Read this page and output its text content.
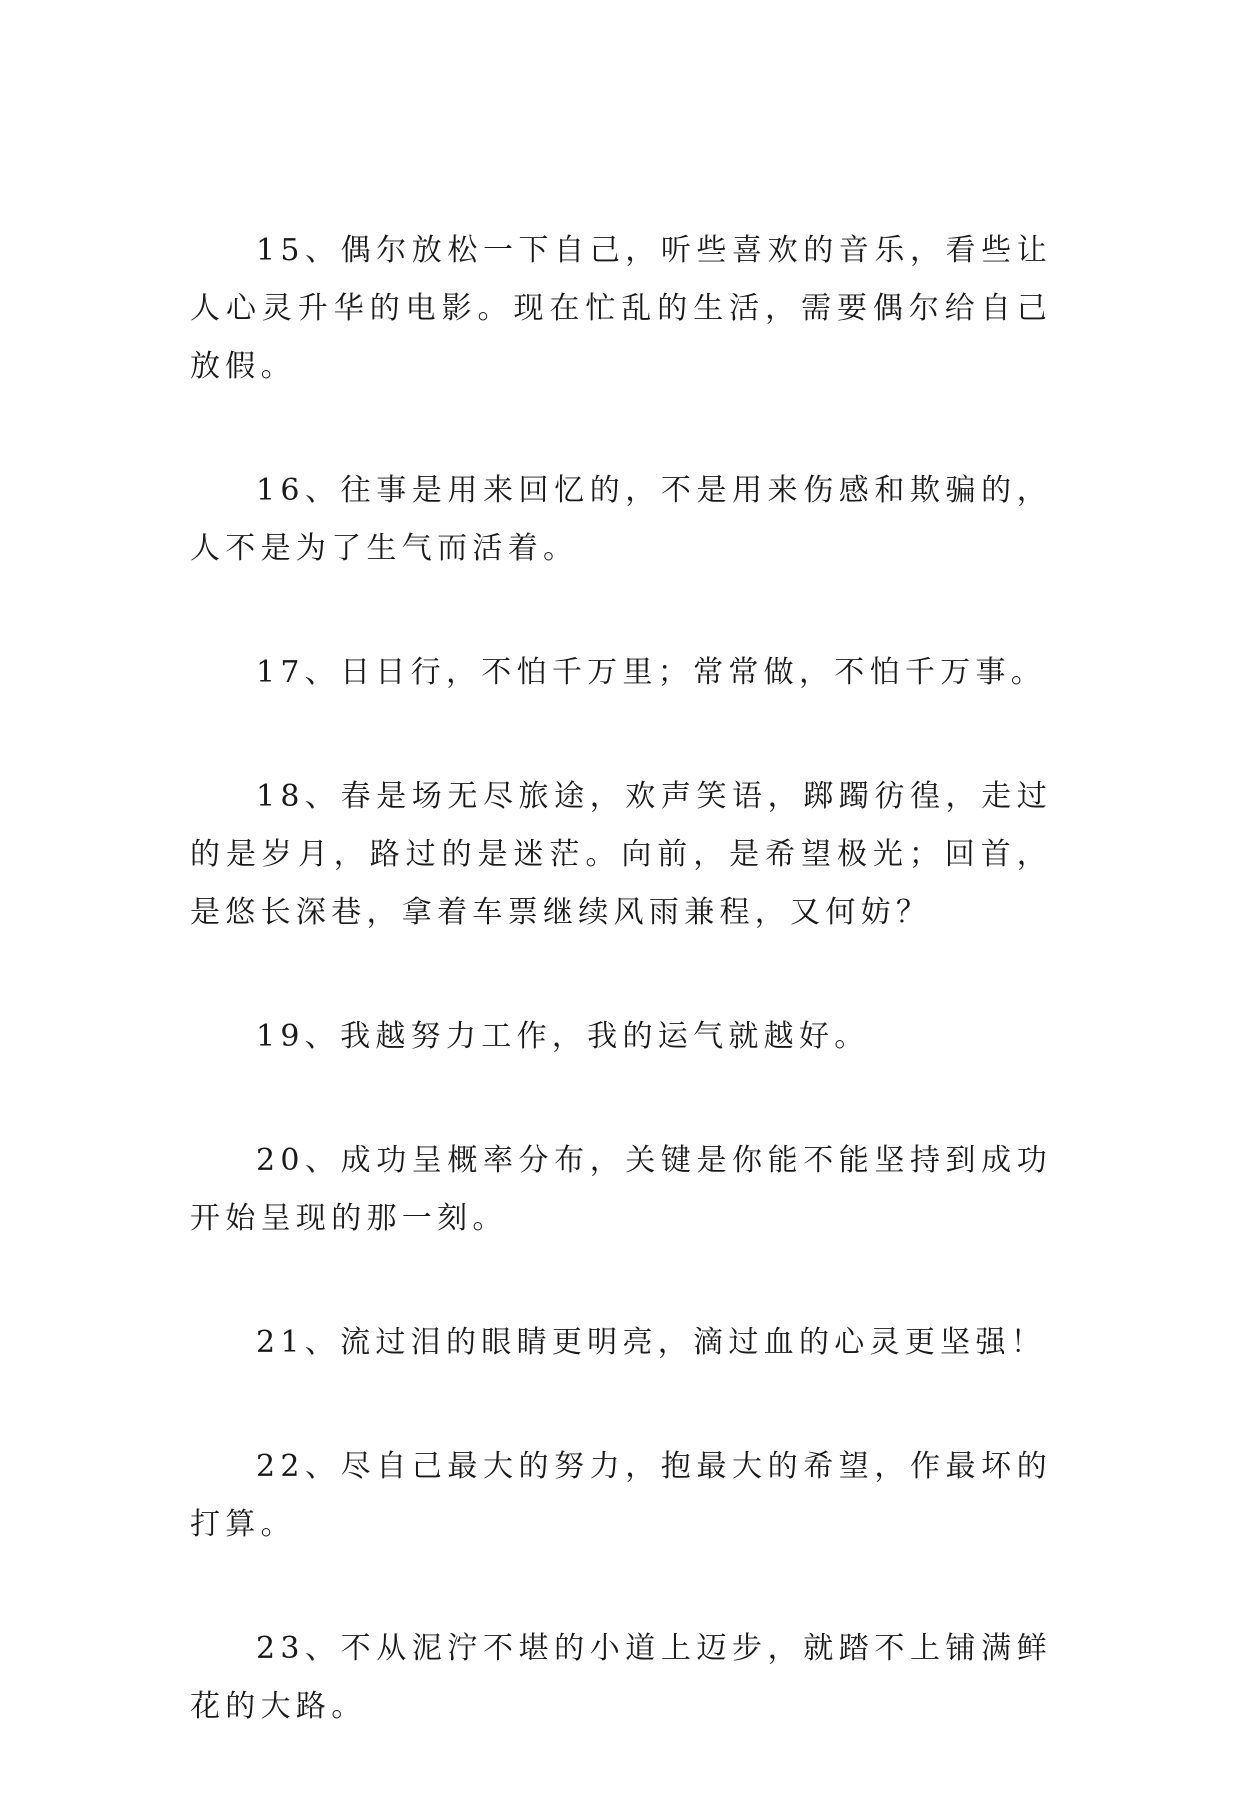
15、偶尔放松一下自己，听些喜欢的音乐，看些让人心灵升华的电影。现在忙乱的生活，需要偶尔给自己放假。

16、往事是用来回忆的，不是用来伤感和欺骗的，人不是为了生气而活着。

17、日日行，不怕千万里；常常做，不怕千万事。

18、春是场无尽旅途，欢声笑语，踯躅彷徨，走过的是岁月，路过的是迷茫。向前，是希望极光；回首，是悠长深巷，拿着车票继续风雨兼程，又何妨？

19、我越努力工作，我的运气就越好。

20、成功呈概率分布，关键是你能不能坚持到成功开始呈现的那一刻。

21、流过泪的眼睛更明亮，滴过血的心灵更坚强！

22、尽自己最大的努力，抱最大的希望，作最坏的打算。

23、不从泥泞不堪的小道上迈步，就踏不上铺满鲜花的大路。
